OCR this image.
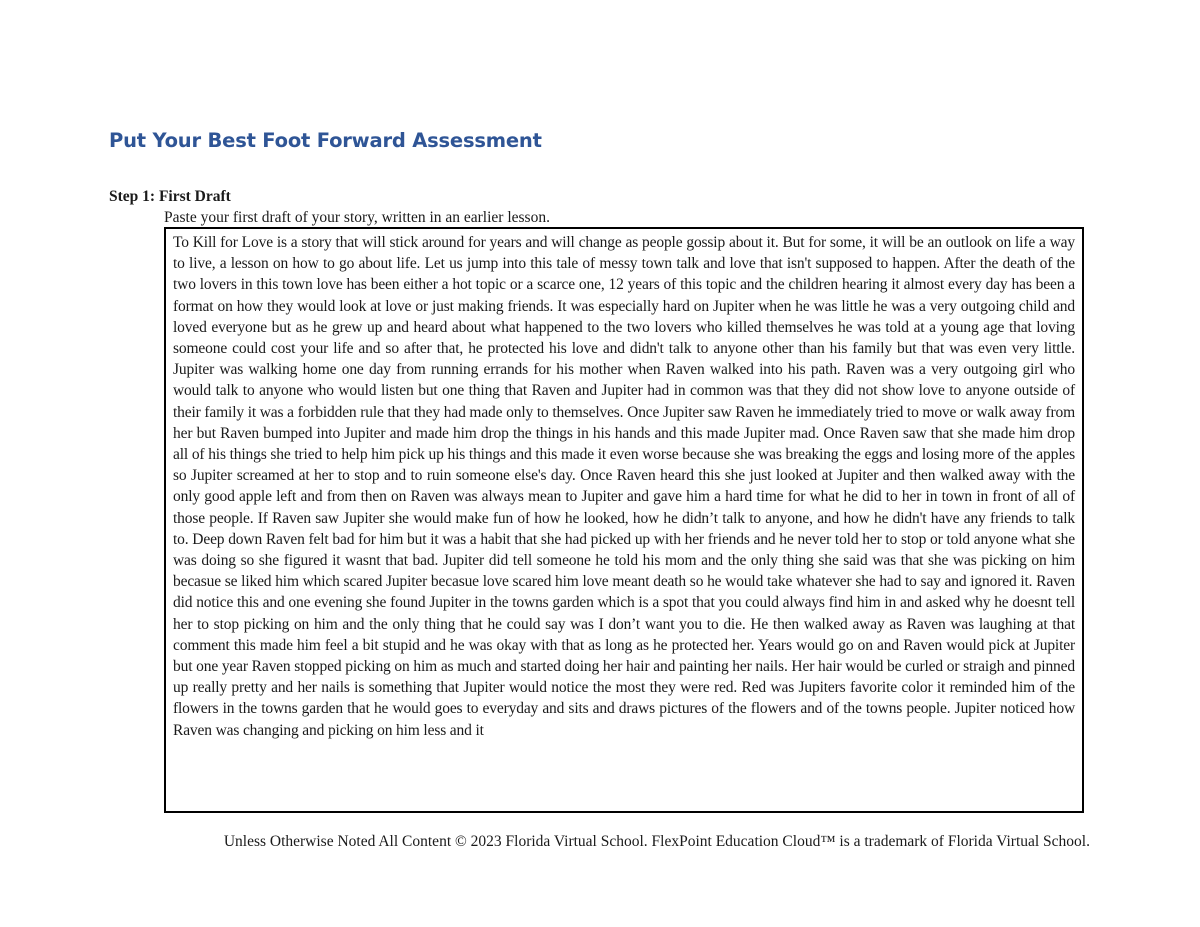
Put Your Best Foot Forward Assessment
Step 1: First Draft
Paste your first draft of your story, written in an earlier lesson.

To Kill for Love is a story that will stick around for years and will change as people gossip about it. But for some, it will be an outlook on life a way to live, a lesson on how to go about life. Let us jump into this tale of messy town talk and love that isn't supposed to happen. After the death of the two lovers in this town love has been either a hot topic or a scarce one, 12 years of this topic and the children hearing it almost every day has been a format on how they would look at love or just making friends. It was especially hard on Jupiter when he was little he was a very outgoing child and loved everyone but as he grew up and heard about what happened to the two lovers who killed themselves he was told at a young age that loving someone could cost your life and so after that, he protected his love and didn't talk to anyone other than his family but that was even very little. Jupiter was walking home one day from running errands for his mother when Raven walked into his path. Raven was a very outgoing girl who would talk to anyone who would listen but one thing that Raven and Jupiter had in common was that they did not show love to anyone outside of their family it was a forbidden rule that they had made only to themselves. Once Jupiter saw Raven he immediately tried to move or walk away from her but Raven bumped into Jupiter and made him drop the things in his hands and this made Jupiter mad. Once Raven saw that she made him drop all of his things she tried to help him pick up his things and this made it even worse because she was breaking the eggs and losing more of the apples so Jupiter screamed at her to stop and to ruin someone else's day. Once Raven heard this she just looked at Jupiter and then walked away with the only good apple left and from then on Raven was always mean to Jupiter and gave him a hard time for what he did to her in town in front of all of those people. If Raven saw Jupiter she would make fun of how he looked, how he didn’t talk to anyone, and how he didn't have any friends to talk to. Deep down Raven felt bad for him but it was a habit that she had picked up with her friends and he never told her to stop or told anyone what she was doing so she figured it wasnt that bad. Jupiter did tell someone he told his mom and the only thing she said was that she was picking on him becasue se liked him which scared Jupiter becasue love scared him love meant death so he would take whatever she had to say and ignored it. Raven did notice this and one evening she found Jupiter in the towns garden which is a spot that you could always find him in and asked why he doesnt tell her to stop picking on him and the only thing that he could say was I don’t want you to die. He then walked away as Raven was laughing at that comment this made him feel a bit stupid and he was okay with that as long as he protected her. Years would go on and Raven would pick at Jupiter but one year Raven stopped picking on him as much and started doing her hair and painting her nails. Her hair would be curled or straigh and pinned up really pretty and her nails is something that Jupiter would notice the most they were red. Red was Jupiters favorite color it reminded him of the flowers in the towns garden that he would goes to everyday and sits and draws pictures of the flowers and of the towns people. Jupiter noticed how Raven was changing and picking on him less and it

Unless Otherwise Noted All Content © 2023 Florida Virtual School. FlexPoint Education Cloud™ is a trademark of Florida Virtual School.
